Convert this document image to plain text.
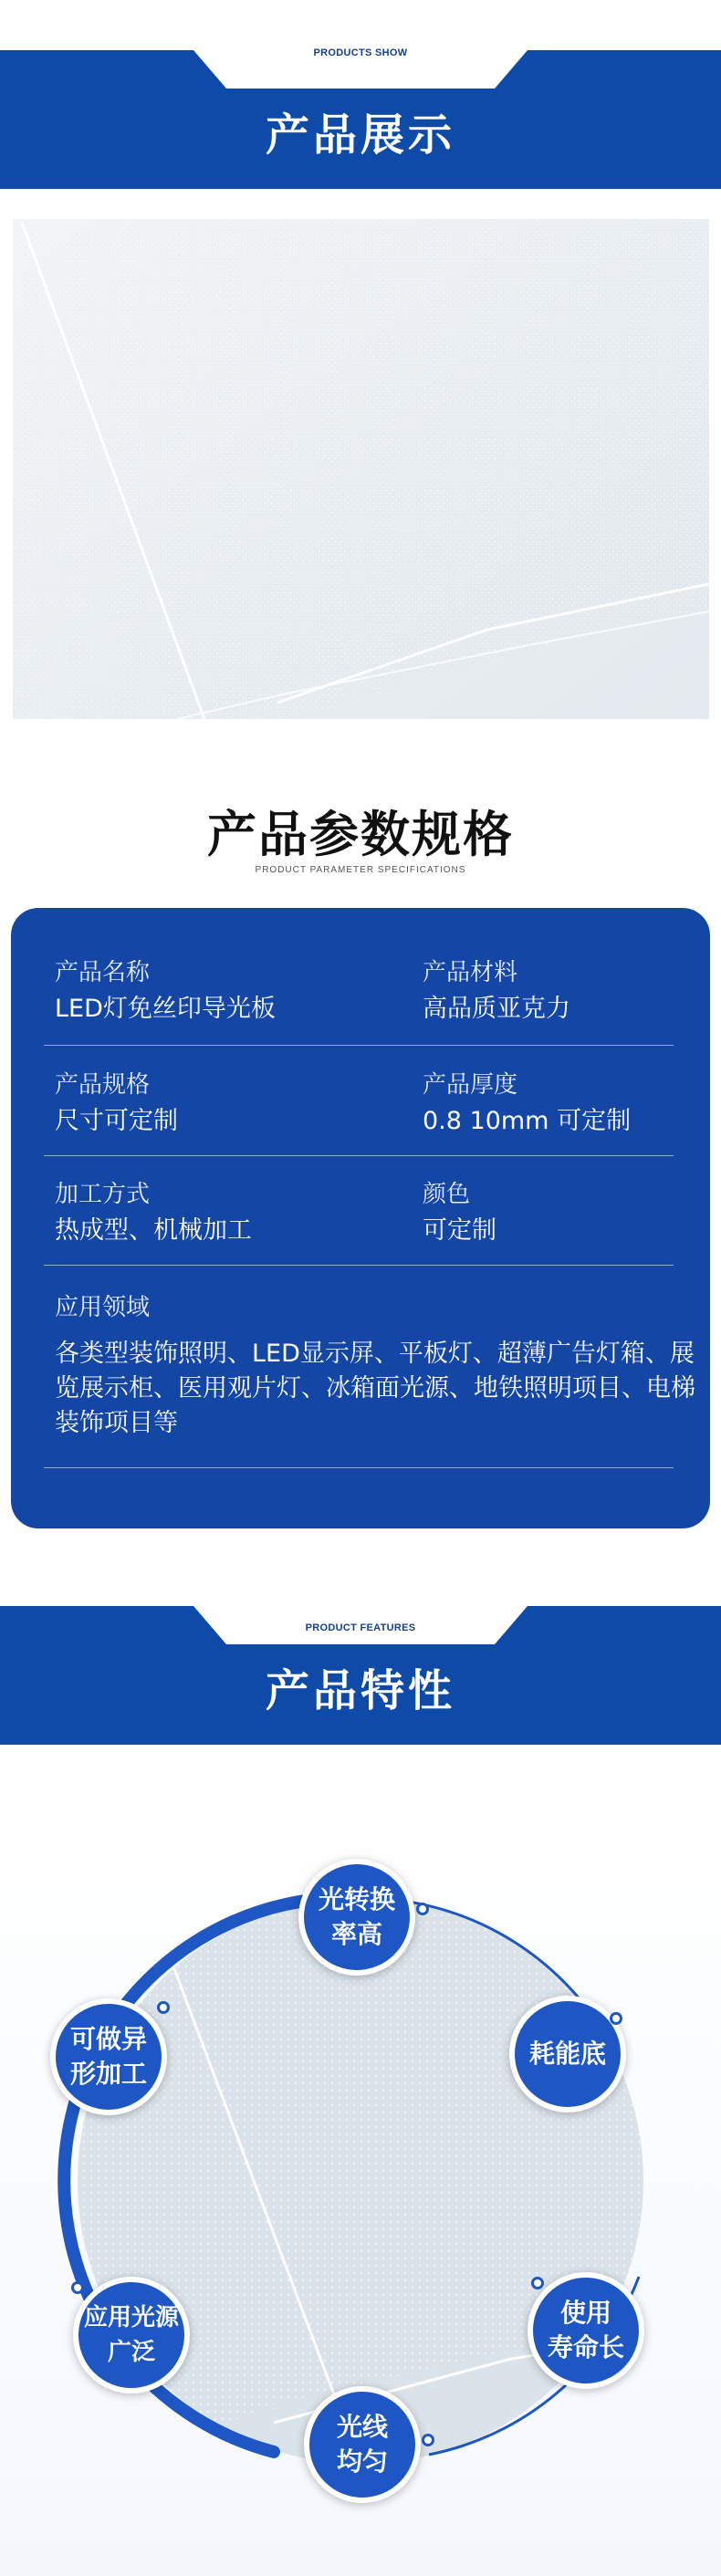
产品展示
PRODUCTS SHOW
产品参数规格
PRODUCT PARAMETER SPECIFICATIONS
产品名称
LED灯免丝印导光板
产品材料
高品质亚克力
产品规格
尺寸可定制
产品厚度
0.8 10mm 可定制
加工方式
热成型、机械加工
颜色
可定制
应用领域
各类型装饰照明、LED显示屏、平板灯、超薄广告灯箱、展览展示柜、医用观片灯、冰箱面光源、地铁照明项目、电梯装饰项目等
产品特性
PRODUCT FEATURES
光转换
率高
可做异
形加工
耗能底
应用光源
广泛
使用
寿命长
光线
均匀
